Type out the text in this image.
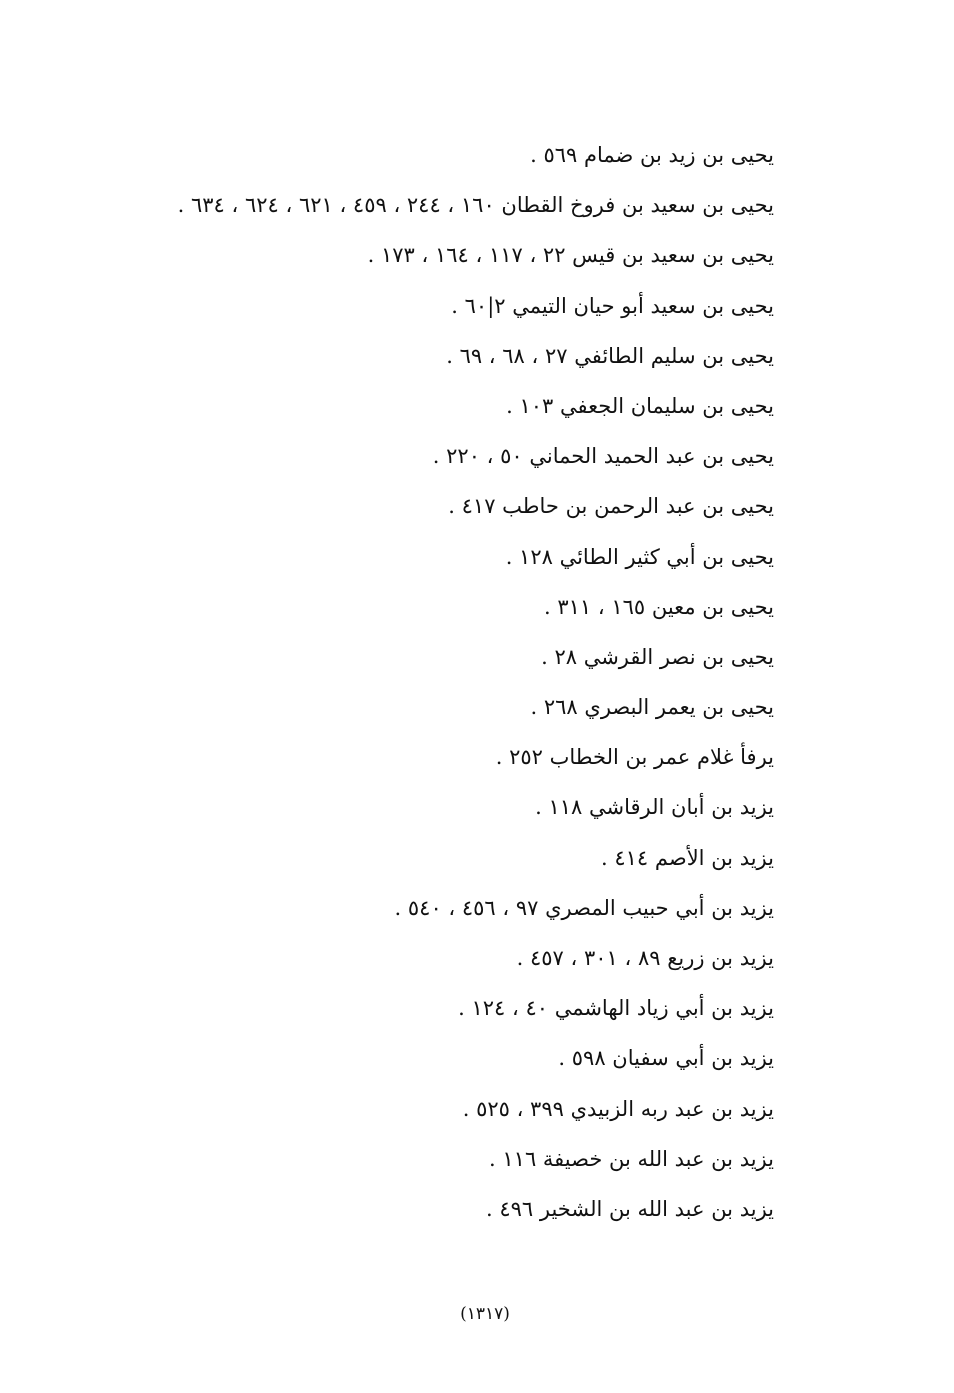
يحيى بن زيد بن ضمام ٥٦٩ .
يحيى بن سعيد بن فروخ القطان ١٦٠ ، ٢٤٤ ، ٤٥٩ ، ٦٢١ ، ٦٢٤ ، ٦٣٤ .
يحيى بن سعيد بن قيس ٢٢ ، ١١٧ ، ١٦٤ ، ١٧٣ .
يحيى بن سعيد أبو حيان التيمي ٢|٦٠ .
يحيى بن سليم الطائفي ٢٧ ، ٦٨ ، ٦٩ .
يحيى بن سليمان الجعفي ١٠٣ .
يحيى بن عبد الحميد الحماني ٥٠ ، ٢٢٠ .
يحيى بن عبد الرحمن بن حاطب ٤١٧ .
يحيى بن أبي كثير الطائي ١٢٨ .
يحيى بن معين ١٦٥ ، ٣١١ .
يحيى بن نصر القرشي ٢٨ .
يحيى بن يعمر البصري ٢٦٨ .
يرفأ غلام عمر بن الخطاب ٢٥٢ .
يزيد بن أبان الرقاشي ١١٨ .
يزيد بن الأصم ٤١٤ .
يزيد بن أبي حبيب المصري ٩٧ ، ٤٥٦ ، ٥٤٠ .
يزيد بن زريع ٨٩ ، ٣٠١ ، ٤٥٧ .
يزيد بن أبي زياد الهاشمي ٤٠ ، ١٢٤ .
يزيد بن أبي سفيان ٥٩٨ .
يزيد بن عبد ربه الزبيدي ٣٩٩ ، ٥٢٥ .
يزيد بن عبد الله بن خصيفة ١١٦ .
يزيد بن عبد الله بن الشخير ٤٩٦ .
(١٣١٧)
